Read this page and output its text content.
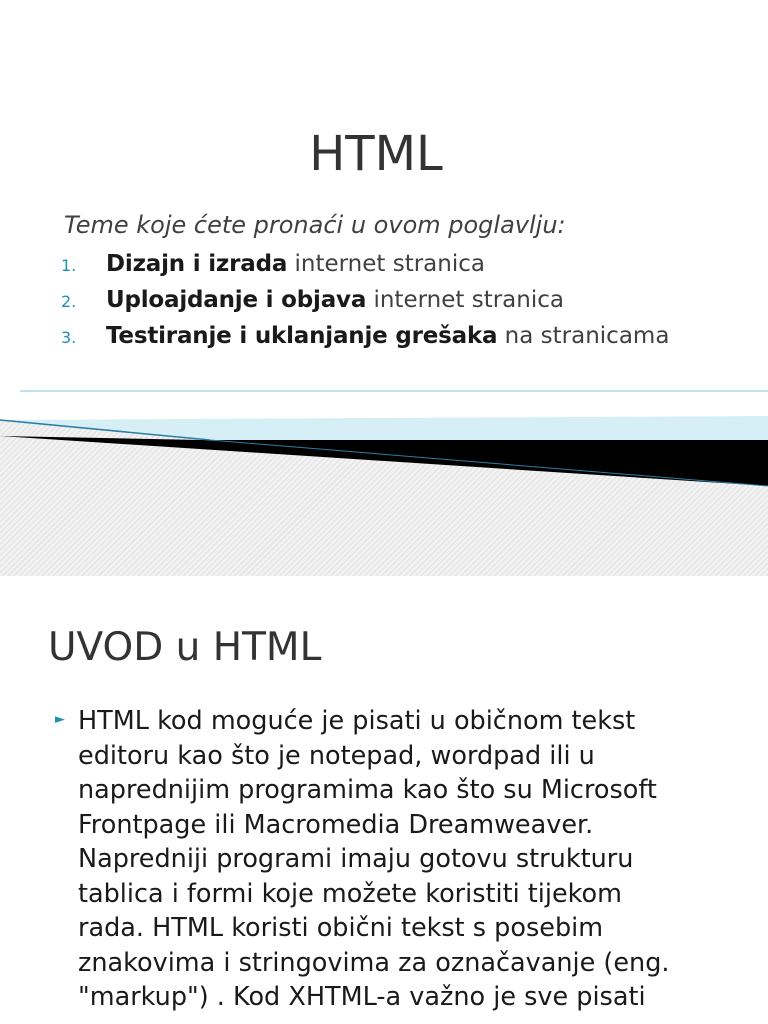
HTML
Teme koje ćete pronaći u ovom poglavlju:
1. Dizajn i izrada internet stranica
2. Uploajdanje i objava internet stranica
3. Testiranje i uklanjanje grešaka na stranicama
UVOD u HTML
► HTML kod moguće je pisati u običnom tekst
editoru kao što je notepad, wordpad ili u
naprednijim programima kao što su Microsoft
Frontpage ili Macromedia Dreamweaver.
Napredniji programi imaju gotovu strukturu
tablica i formi koje možete koristiti tijekom
rada. HTML koristi obični tekst s posebim
znakovima i stringovima za označavanje (eng.
"markup") . Kod XHTML-a važno je sve pisati
